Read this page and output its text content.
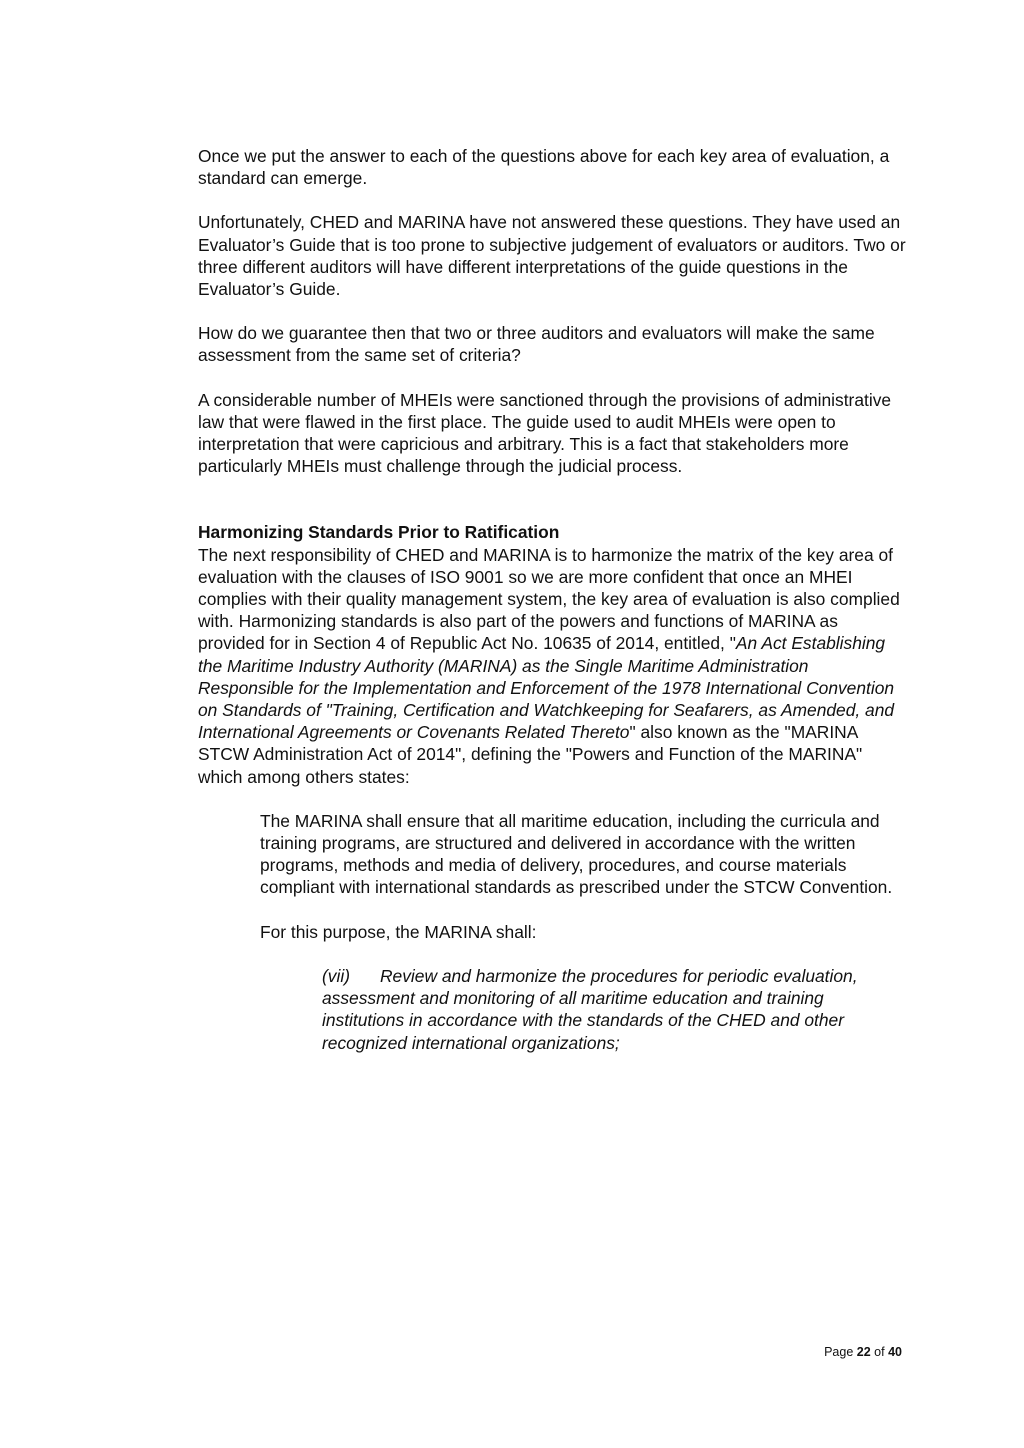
Once we put the answer to each of the questions above for each key area of evaluation, a standard can emerge.

Unfortunately, CHED and MARINA have not answered these questions. They have used an Evaluator’s Guide that is too prone to subjective judgement of evaluators or auditors. Two or three different auditors will have different interpretations of the guide questions in the Evaluator’s Guide.

How do we guarantee then that two or three auditors and evaluators will make the same assessment from the same set of criteria?

A considerable number of MHEIs were sanctioned through the provisions of administrative law that were flawed in the first place. The guide used to audit MHEIs were open to interpretation that were capricious and arbitrary. This is a fact that stakeholders more particularly MHEIs must challenge through the judicial process.

Harmonizing Standards Prior to Ratification

The next responsibility of CHED and MARINA is to harmonize the matrix of the key area of evaluation with the clauses of ISO 9001 so we are more confident that once an MHEI complies with their quality management system, the key area of evaluation is also complied with. Harmonizing standards is also part of the powers and functions of MARINA as provided for in Section 4 of Republic Act No. 10635 of 2014, entitled, "An Act Establishing the Maritime Industry Authority (MARINA) as the Single Maritime Administration Responsible for the Implementation and Enforcement of the 1978 International Convention on Standards of "Training, Certification and Watchkeeping for Seafarers, as Amended, and International Agreements or Covenants Related Thereto" also known as the "MARINA STCW Administration Act of 2014", defining the "Powers and Function of the MARINA" which among others states:

The MARINA shall ensure that all maritime education, including the curricula and training programs, are structured and delivered in accordance with the written programs, methods and media of delivery, procedures, and course materials compliant with international standards as prescribed under the STCW Convention.

For this purpose, the MARINA shall:

(vii) Review and harmonize the procedures for periodic evaluation, assessment and monitoring of all maritime education and training institutions in accordance with the standards of the CHED and other recognized international organizations;
Page 22 of 40
